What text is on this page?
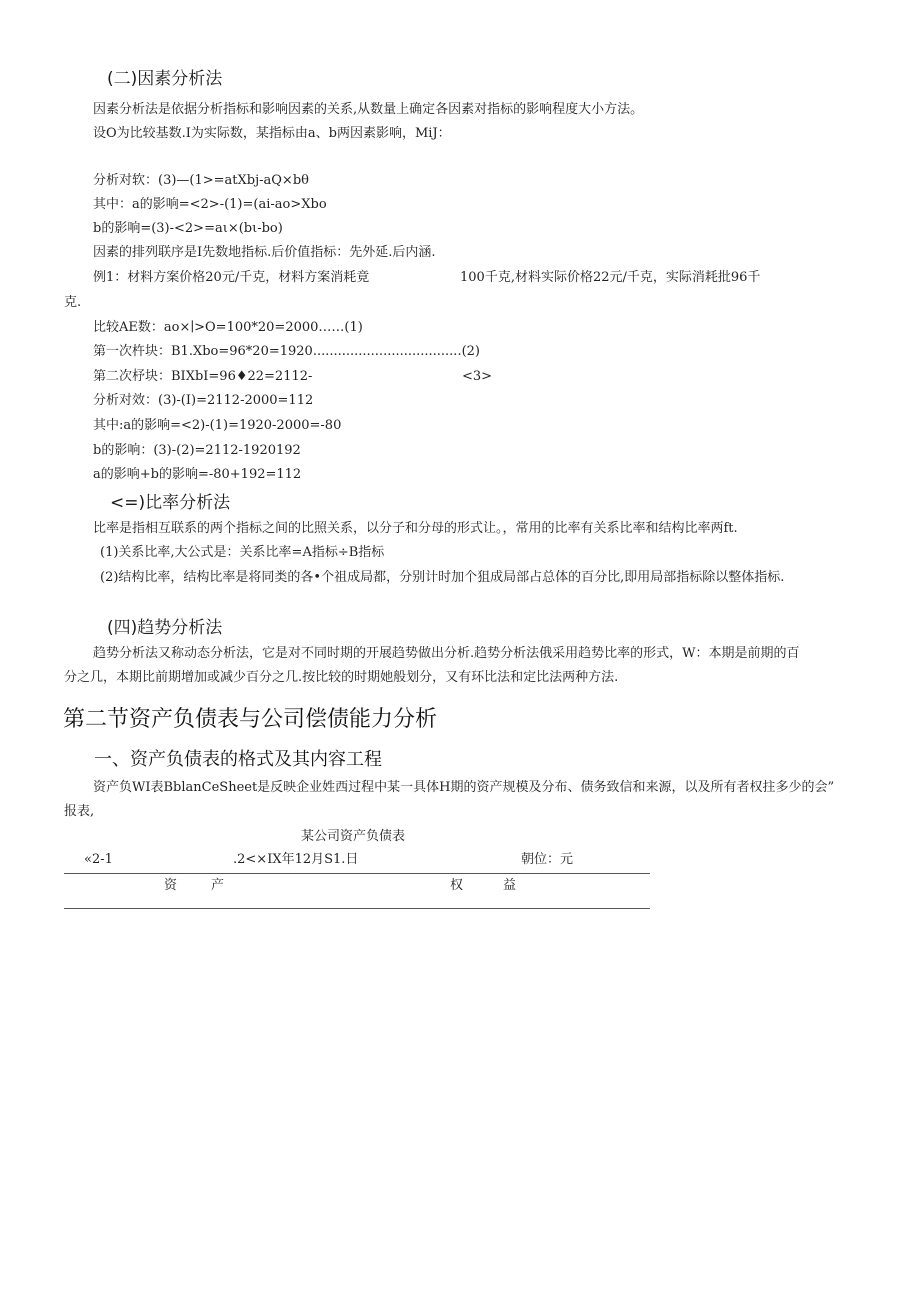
(二)因素分析法
因素分析法是依据分析指标和影响因素的关系,从数量上确定各因素对指标的影响程度大小方法。
设O为比较基数.I为实际数，某指标由a、b两因素影响，MiJ：
分析对软：(3)—(1>=atXbj-aQ×bθ
其中：a的影响=<2>-(1)=(ai-ao>Xbo
b的影响=(3)-<2>=aι×(bι-bo)
因素的排列联序是I先数地指标.后价值指标：先外延.后内涵.
例1：材料方案价格20元/千克，材料方案消耗竟	100千克,材料实际价格22元/千克，实际消耗批96千
克.
比较AE数：ao×∣>O=100*20=2000……(1)
第一次杵块：B1.Xbo=96*20=1920....................................(2)
第二次杼块：BIXbI=96♦22=2112-	<3>
分析对效：(3)-(I)=2112-2000=112
其中:a的影响=<2)-(1)=1920-2000=-80
b的影响：(3)-(2)=2112-1920192
a的影响+b的影响=-80+192=112
<=)比率分析法
比率是指相互联系的两个指标之间的比照关系，以分子和分母的形式让。，常用的比率有关系比率和结构比率两ft.
(1)关系比率,大公式是：关系比率=A指标÷B指标
(2)结构比率，结构比率是将同类的各•个祖成局都，分别计时加个狙成局部占总体的百分比,即用局部指标除以整体指标.
(四)趋势分析法
趋势分析法又称动态分析法，它是对不同时期的开展趋势做出分析.趋势分析法俄采用趋势比率的形式，W：本期是前期的百
分之几，本期比前期增加或减少百分之几.按比较的时期她般划分，又有环比法和定比法两种方法.
第二节资产负债表与公司偿债能力分析
一、资产负债表的格式及其内容工程
资产负WI表BblanCeSheet是反映企业姓西过程中某一具体H期的资产规模及分布、债务致信和来源，以及所有者权拄多少的会”
报表,
某公司资产负债表
«2-1	.2<×IX年12月S1.日	朝位：元
资	产	权	益
